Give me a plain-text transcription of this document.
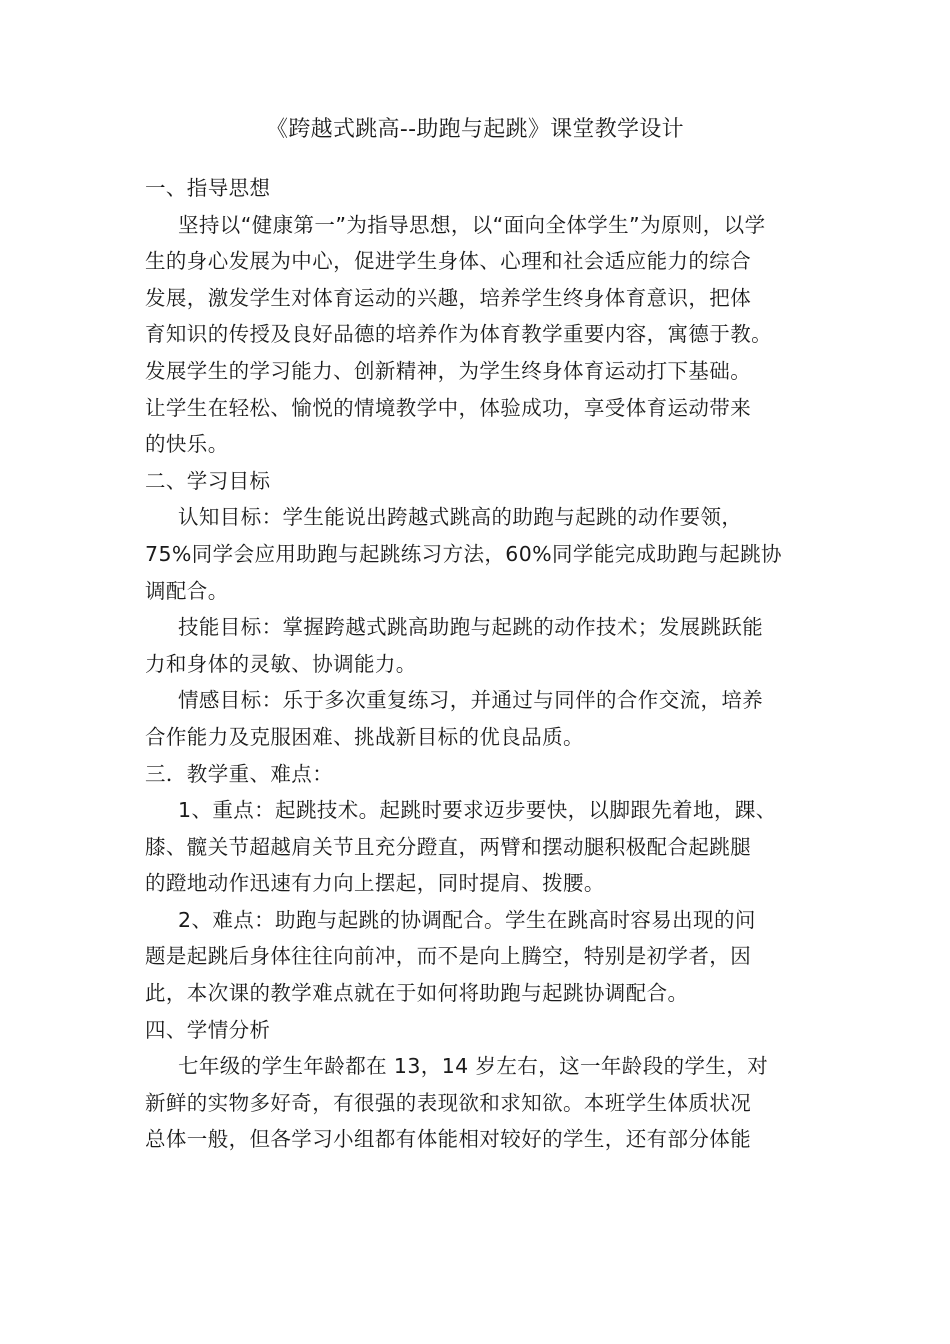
《跨越式跳高--助跑与起跳》课堂教学设计
一、指导思想
坚持以“健康第一”为指导思想，以“面向全体学生”为原则，以学
生的身心发展为中心，促进学生身体、心理和社会适应能力的综合
发展，激发学生对体育运动的兴趣，培养学生终身体育意识，把体
育知识的传授及良好品德的培养作为体育教学重要内容，寓德于教。
发展学生的学习能力、创新精神，为学生终身体育运动打下基础。
让学生在轻松、愉悦的情境教学中，体验成功，享受体育运动带来
的快乐。
二、学习目标
认知目标：学生能说出跨越式跳高的助跑与起跳的动作要领，
75%同学会应用助跑与起跳练习方法，60%同学能完成助跑与起跳协
调配合。
技能目标：掌握跨越式跳高助跑与起跳的动作技术；发展跳跃能
力和身体的灵敏、协调能力。
情感目标：乐于多次重复练习，并通过与同伴的合作交流，培养
合作能力及克服困难、挑战新目标的优良品质。
三．教学重、难点：
1、重点：起跳技术。起跳时要求迈步要快，以脚跟先着地，踝、
膝、髋关节超越肩关节且充分蹬直，两臂和摆动腿积极配合起跳腿
的蹬地动作迅速有力向上摆起，同时提肩、拨腰。
2、难点：助跑与起跳的协调配合。学生在跳高时容易出现的问
题是起跳后身体往往向前冲，而不是向上腾空，特别是初学者，因
此，本次课的教学难点就在于如何将助跑与起跳协调配合。
四、学情分析
七年级的学生年龄都在 13，14 岁左右，这一年龄段的学生，对
新鲜的实物多好奇，有很强的表现欲和求知欲。本班学生体质状况
总体一般，但各学习小组都有体能相对较好的学生，还有部分体能
